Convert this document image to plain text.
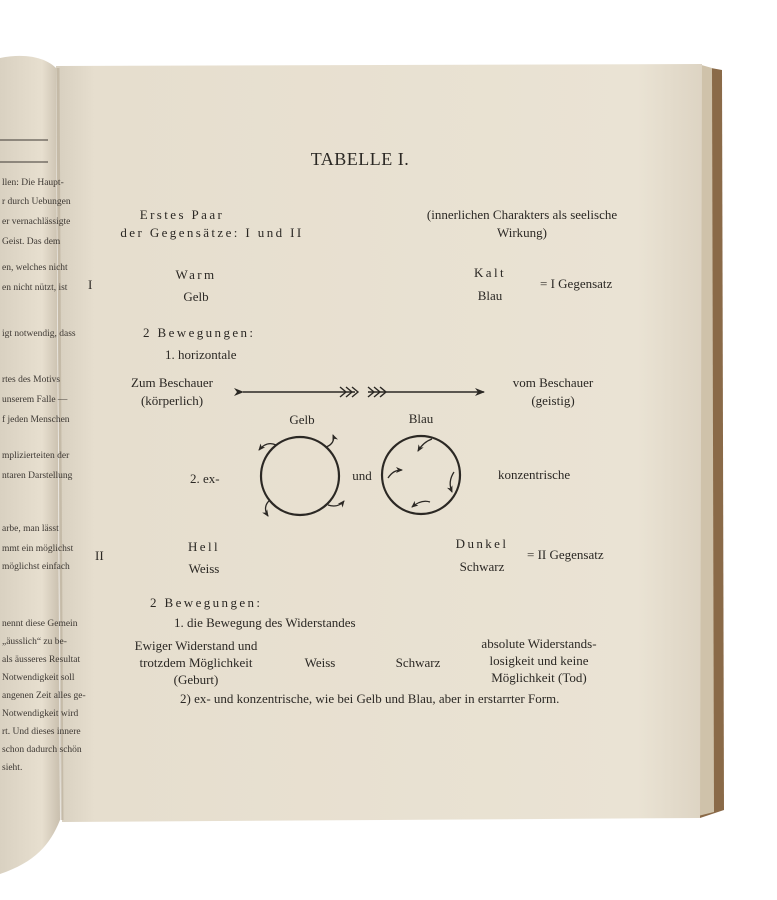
llen: Die Haupt-
r durch Uebungen
er vernachlässigte
Geist. Das dem
en, welches nicht
en nicht nützt, ist
igt notwendig, dass
rtes des Motivs
unserem Falle —
f jeden Menschen
mplizierteiten der
ntaren Darstellung
arbe, man lässt
mmt ein möglichst
möglichst einfach
nennt diese Gemein
„äusslich“ zu be-
als äusseres Resultat
Notwendigkeit soll
angenen Zeit alles ge-
Notwendigkeit wird
rt. Und dieses innere
schon dadurch schön
sieht.
TABELLE I.
Erstes Paar
der Gegensätze: I und II
(innerlichen Charakters als seelische
Wirkung)
I
Warm
Gelb
Kalt
Blau
= I Gegensatz
2 Bewegungen:
1. horizontale
Zum Beschauer
(körperlich)
vom Beschauer
(geistig)
Gelb	Blau
2. ex-	und	konzentrische
II
Hell
Weiss
Dunkel
Schwarz
= II Gegensatz
2 Bewegungen:
1. die Bewegung des Widerstandes
Ewiger Widerstand und
trotzdem Möglichkeit
(Geburt)
Weiss	Schwarz
absolute Widerstands-
losigkeit und keine
Möglichkeit (Tod)
2) ex- und konzentrische, wie bei Gelb und Blau, aber in erstarrter Form.
